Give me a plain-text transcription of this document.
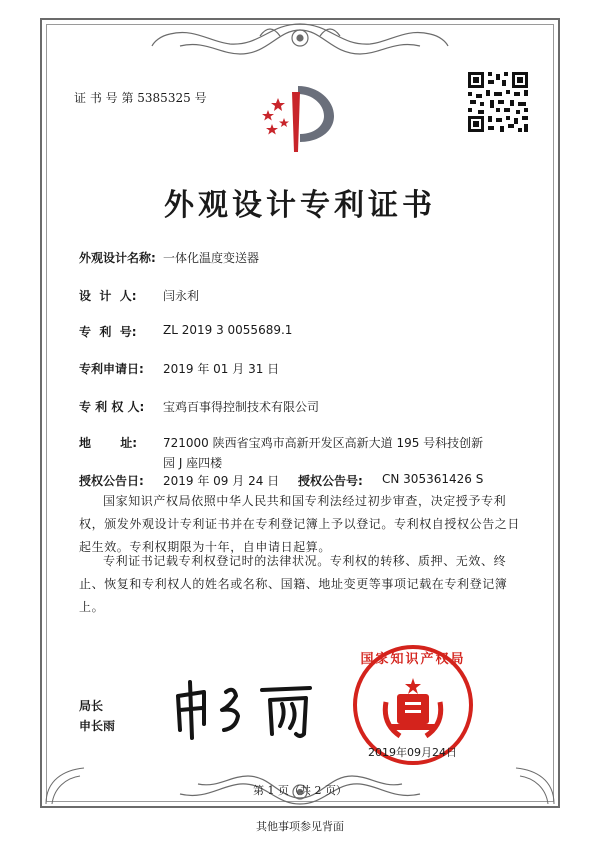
证 书 号 第 5385325 号
外观设计专利证书
外观设计名称: 一体化温度变送器
设  计  人: 闫永利
专  利  号: ZL 2019 3 0055689.1
专利申请日: 2019 年 01 月 31 日
专 利 权 人: 宝鸡百事得控制技术有限公司
地       址: 721000 陕西省宝鸡市高新开发区高新大道 195 号科技创新
园 J 座四楼
授权公告日: 2019 年 09 月 24 日 授权公告号: CN 305361426 S
国家知识产权局依照中华人民共和国专利法经过初步审查，决定授予专利权，颁发外观设计专利证书并在专利登记簿上予以登记。专利权自授权公告之日起生效。专利权期限为十年，自申请日起算。
专利证书记载专利权登记时的法律状况。专利权的转移、质押、无效、终止、恢复和专利权人的姓名或名称、国籍、地址变更等事项记载在专利登记簿上。
局长
申长雨
国家知识产权局
2019年09月24日
第 1 页（共 2 页）
其他事项参见背面
